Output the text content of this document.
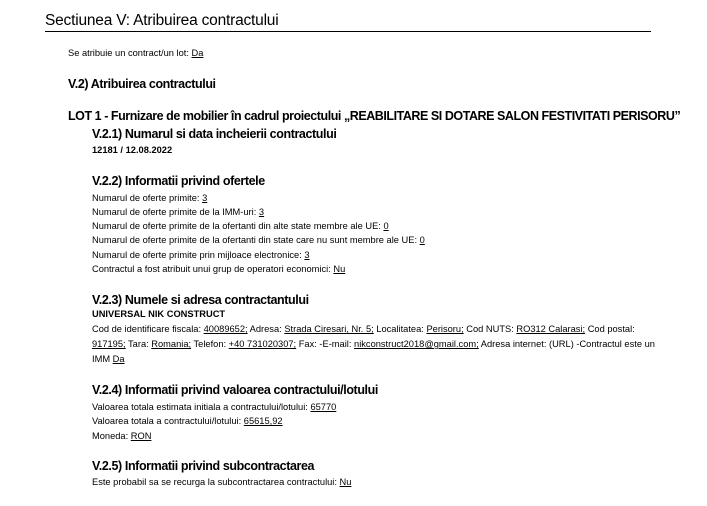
Sectiunea V: Atribuirea contractului
Se atribuie un contract/un lot: Da
V.2) Atribuirea contractului
LOT 1 - Furnizare de mobilier în cadrul proiectului „REABILITARE SI DOTARE SALON FESTIVITATI PERISORU”
V.2.1) Numarul si data incheierii contractului
12181 / 12.08.2022
V.2.2) Informatii privind ofertele
Numarul de oferte primite: 3
Numarul de oferte primite de la IMM-uri: 3
Numarul de oferte primite de la ofertanti din alte state membre ale UE: 0
Numarul de oferte primite de la ofertanti din state care nu sunt membre ale UE: 0
Numarul de oferte primite prin mijloace electronice: 3
Contractul a fost atribuit unui grup de operatori economici: Nu
V.2.3) Numele si adresa contractantului
UNIVERSAL NIK CONSTRUCT
Cod de identificare fiscala: 40089652; Adresa: Strada Ciresari, Nr. 5; Localitatea: Perisoru; Cod NUTS: RO312 Calarasi; Cod postal: 917195; Tara: Romania; Telefon: +40 731020307; Fax: -E-mail: nikconstruct2018@gmail.com; Adresa internet: (URL) -Contractul este un IMM Da
V.2.4) Informatii privind valoarea contractului/lotului
Valoarea totala estimata initiala a contractului/lotului: 65770
Valoarea totala a contractului/lotului: 65615,92
Moneda: RON
V.2.5) Informatii privind subcontractarea
Este probabil sa se recurga la subcontractarea contractului: Nu
